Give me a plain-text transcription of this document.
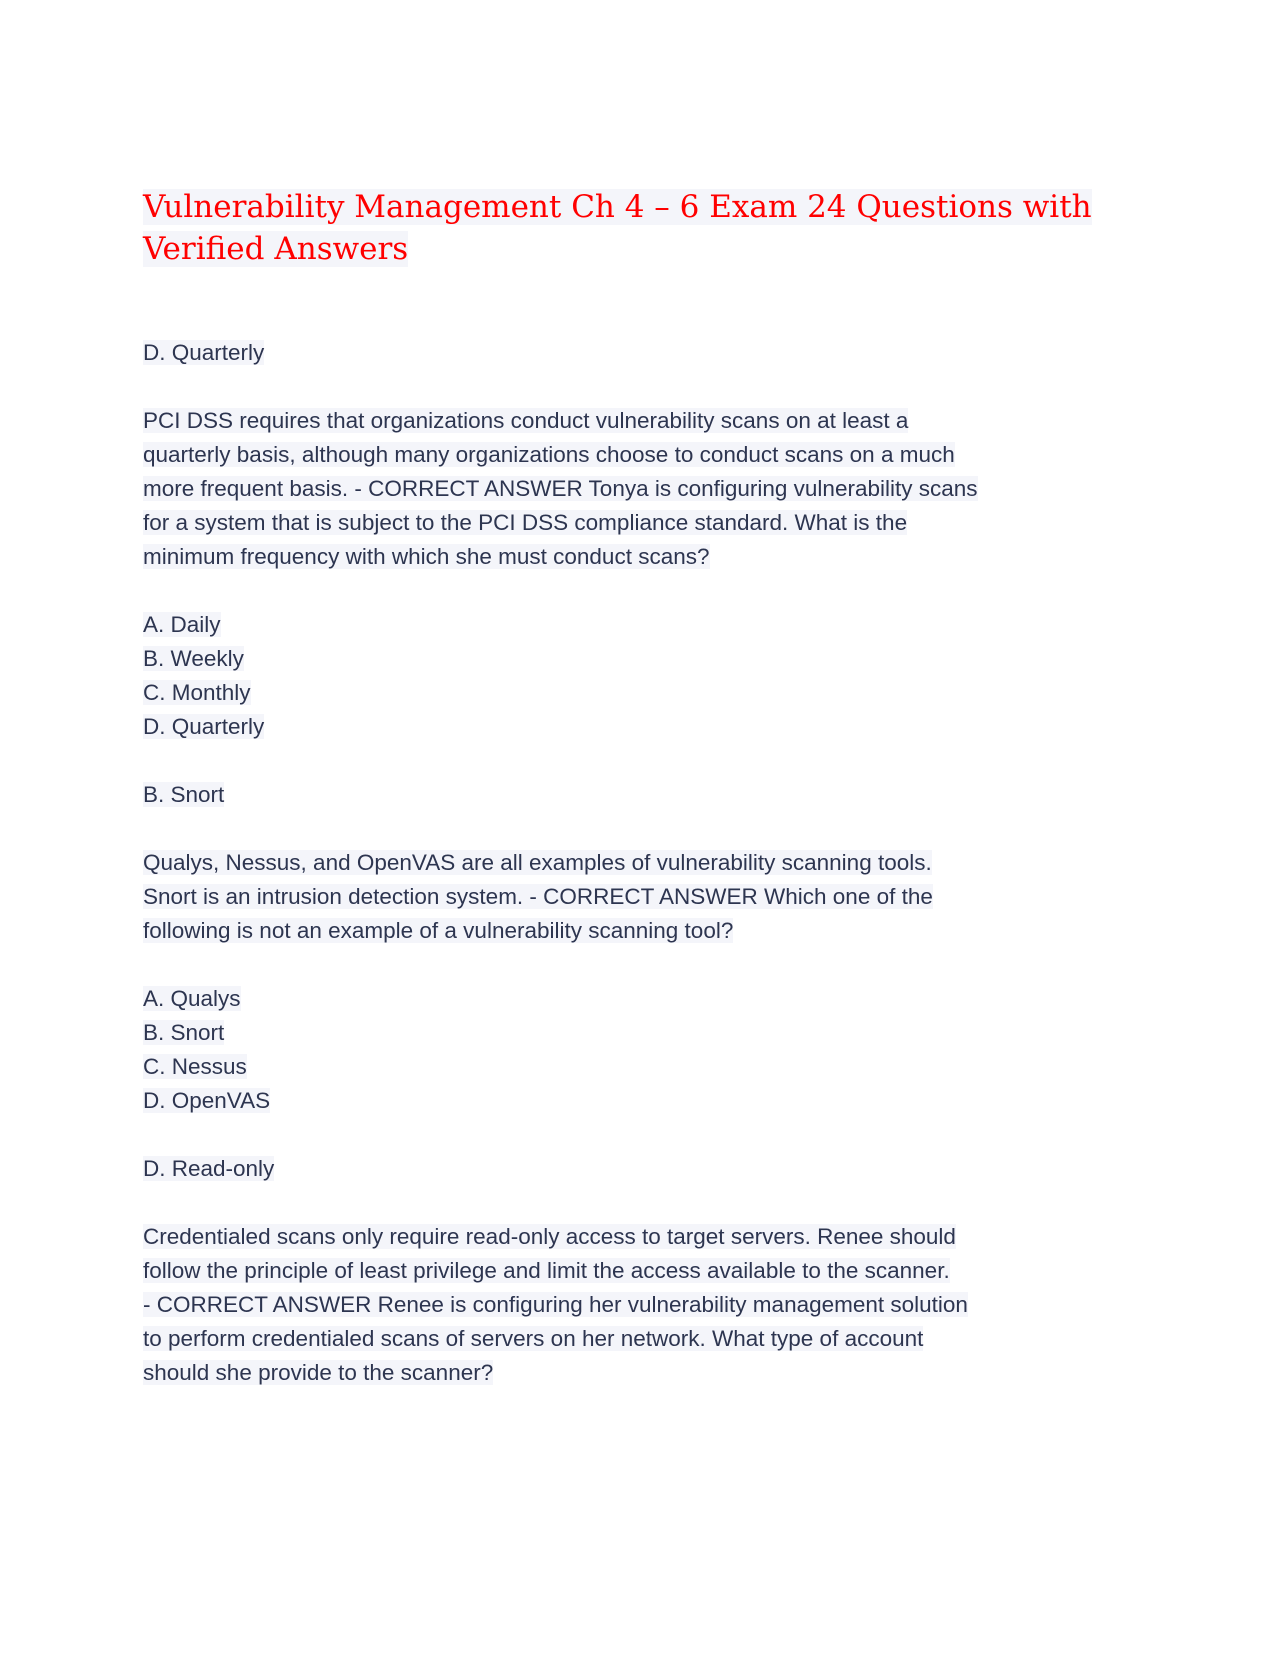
Vulnerability Management Ch 4 – 6 Exam 24 Questions with
Verified Answers
D. Quarterly
PCI DSS requires that organizations conduct vulnerability scans on at least a
quarterly basis, although many organizations choose to conduct scans on a much
more frequent basis. - CORRECT ANSWER Tonya is configuring vulnerability scans
for a system that is subject to the PCI DSS compliance standard. What is the
minimum frequency with which she must conduct scans?
A. Daily
B. Weekly
C. Monthly
D. Quarterly
B. Snort
Qualys, Nessus, and OpenVAS are all examples of vulnerability scanning tools.
Snort is an intrusion detection system. - CORRECT ANSWER Which one of the
following is not an example of a vulnerability scanning tool?
A. Qualys
B. Snort
C. Nessus
D. OpenVAS
D. Read-only
Credentialed scans only require read-only access to target servers. Renee should
follow the principle of least privilege and limit the access available to the scanner.
- CORRECT ANSWER Renee is configuring her vulnerability management solution
to perform credentialed scans of servers on her network. What type of account
should she provide to the scanner?
